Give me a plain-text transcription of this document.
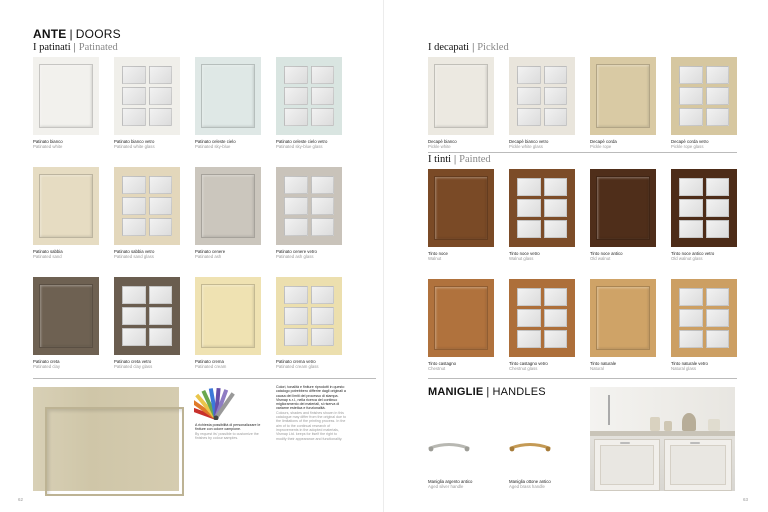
ANTE | DOORS
I patinati | Patinated
Patinato bianco
Patinated white
Patinato bianco vetro
Patinated white glass
Patinato celeste cielo
Patinated sky-blue
Patinato celeste cielo vetro
Patinated sky-blue glass
Patinato sabbia
Patinated sand
Patinato sabbia vetro
Patinated sand glass
Patinato cenere
Patinated ash
Patinato cenere vetro
Patinated ash glass
Patinato creta
Patinated clay
Patinato creta vetro
Patinated clay glass
Patinato crema
Patinated cream
Patinato crema vetro
Patinated cream glass
A richiesta possibilità di personalizzare le finiture con colore campione.
By request its' possible to customize the finishes by colour samples.
Colori, tonalità e finiture riprodotti in questo catalogo potrebbero differire dagli originali a causa dei limiti del processo di stampa. Vismap s.r.l., nella ricerca del continuo miglioramento dei materiali, si riserva di variarne estetica e funzionalità.
Colours, shades and finishes shown in this catalogue may differ from the original due to the limitations of the printing process. In the aim of to the continual research of improvements in the adopted materials, Vismap Ltd. keeps for itself the right to modify their appearance and functionality.
62
I decapati | Pickled
I tinti | Painted
Decapè bianco
Pickle white
Decapè bianco vetro
Pickle white glass
Decapè corda
Pickle rope
Decapè corda vetro
Pickle rope glass
Tinto noce
Walnut
Tinto noce vetro
Walnut glass
Tinto noce antico
Old walnut
Tinto noce antico vetro
Old walnut glass
Tinto castagno
Chestnut
Tinto castagno vetro
Chestnut glass
Tinto naturale
Natural
Tinto naturale vetro
Natural glass
MANIGLIE | HANDLES
Maniglia argento antico
Aged silver handle
Maniglia ottone antico
Aged brass handle
63
